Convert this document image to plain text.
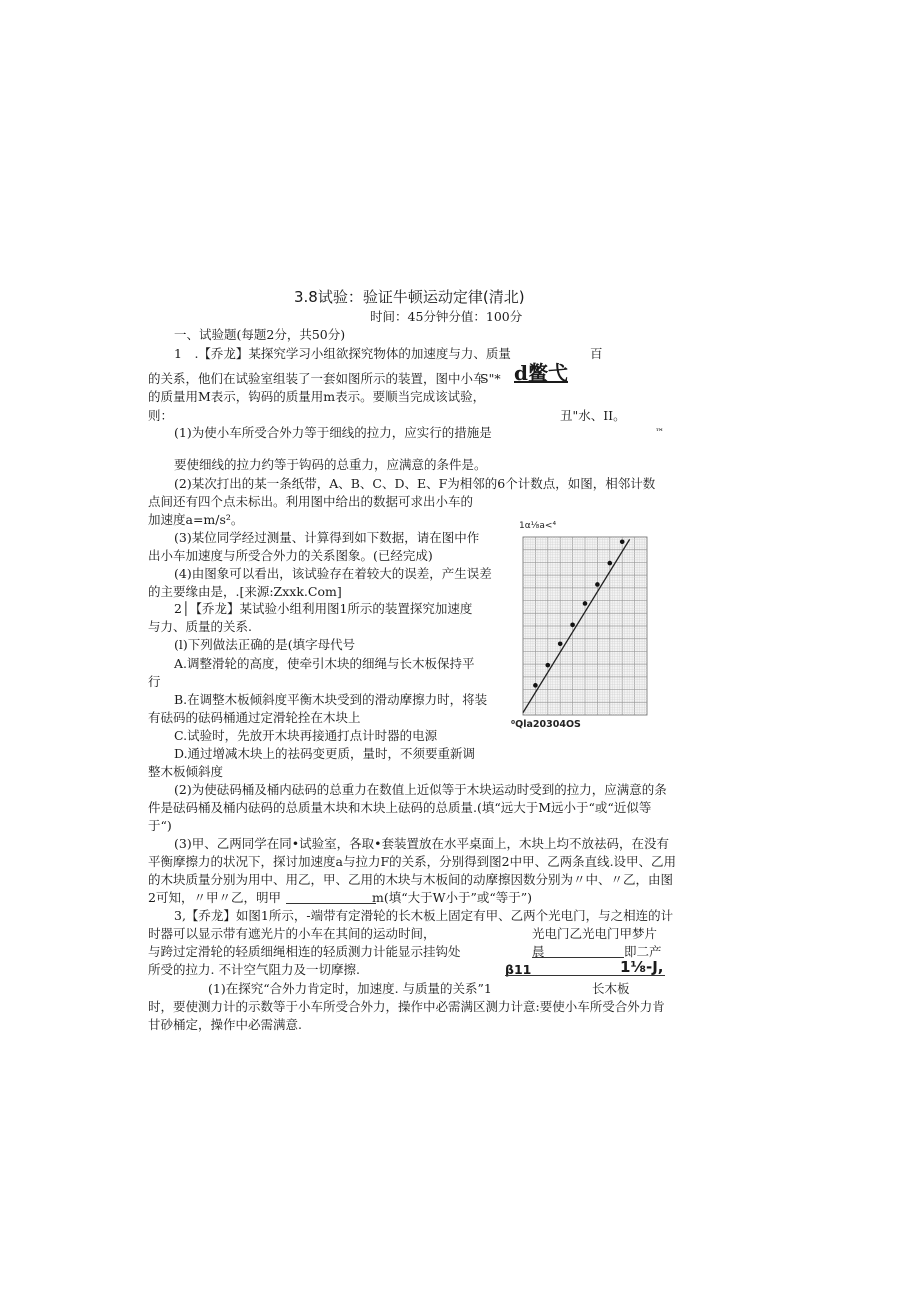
3.8试验：验证牛顿运动定律(清北)
时间：45分钟分值：100分
一、试验题(每题2分，共50分)
1　.【乔龙】某探究学习小组欲探究物体的加速度与力、质量	百
的关系，他们在试验室组装了一套如图所示的装置，图中小车
S"* d鳖弋
的质量用M表示，钩码的质量用m表示。要顺当完成该试验，
则：	丑"水、II。
(1)为使小车所受合外力等于细线的拉力，应实行的措施是	™
要使细线的拉力约等于钩码的总重力，应满意的条件是。
(2)某次打出的某一条纸带，A、B、C、D、E、F为相邻的6个计数点，如图，相邻计数
点间还有四个点未标出。利用图中给出的数据可求出小车的
加速度a=m∕s²。
(3)某位同学经过测量、计算得到如下数据，请在图中作
出小车加速度与所受合外力的关系图象。(已经完成)
(4)由图象可以看出，该试验存在着较大的误差，产生误差
的主要缘由是，.[来源:Zxxk.Com]
1α⅛a<⁴
⁰Qla20304OS
2│【乔龙】某试验小组利用图1所示的装置探究加速度
与力、质量的关系.
(l)下列做法正确的是(填字母代号
A.调整滑轮的高度，使牵引木块的细绳与长木板保持平
行
B.在调整木板倾斜度平衡木块受到的滑动摩擦力时，将装
有砝码的砝码桶通过定滑轮拴在木块上
C.试验时，先放开木块再接通打点计时器的电源
D.通过增减木块上的祛码变更质，量时，不须要重新调
整木板倾斜度
(2)为使砝码桶及桶内砝码的总重力在数值上近似等于木块运动时受到的拉力，应满意的条
件是砝码桶及桶内砝码的总质量木块和木块上砝码的总质量.(填“远大于M远小于“或“近似等
于“)
(3)甲、乙两同学在同•试验室，各取•套装置放在水平桌面上，木块上均不放祛码，在没有
平衡摩擦力的状况下，探讨加速度a与拉力F的关系，分别得到图2中甲、乙两条直线.设甲、乙用
的木块质量分别为用中、用乙，甲、乙用的木块与木板间的动摩擦因数分别为〃中、〃乙，由图
2可知，〃甲〃乙，明甲	m(填“大于W小于”或“等于”)
3,【乔龙】如图1所示，-端带有定滑轮的长木板上固定有甲、乙两个光电门，与之相连的计
时器可以显示带有遮光片的小车在其间的运动时间，	光电门乙光电门甲梦片
与跨过定滑轮的轻质细绳相连的轻质测力计能显示挂钩处	晨	即二产
所受的拉力. 不计空气阻力及一切摩擦.	β11	1⅛-J,
(1)在探究“合外力肯定时，加速度. 与质量的关系”1	长木板
时，要使测力计的示数等于小车所受合外力，操作中必需满区测力计意:要使小车所受合外力肯
甘砂桶定，操作中必需满意.
